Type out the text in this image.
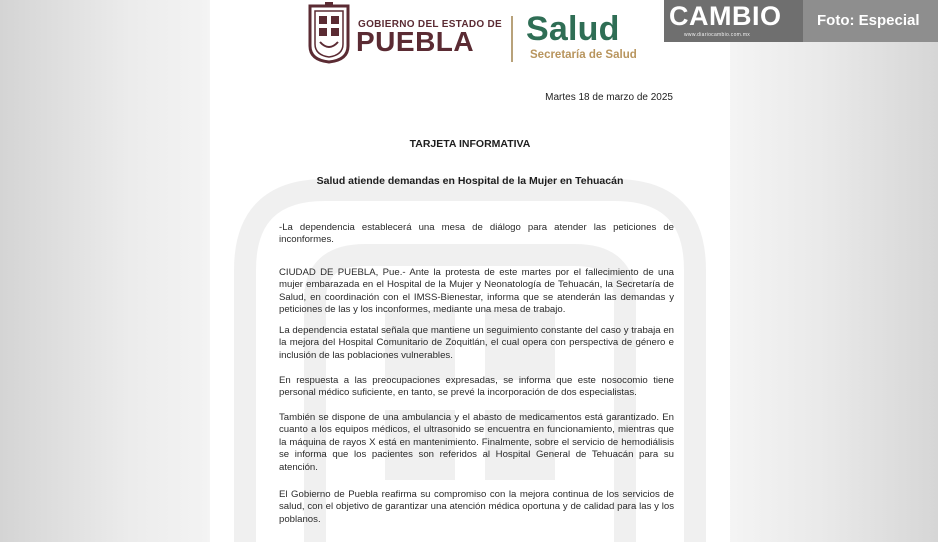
GOBIERNO DEL ESTADO DE
PUEBLA Salud
Secretaría de Salud
CAMBIO
www.diariocambio.com.mx
Foto: Especial
Martes 18 de marzo de 2025
TARJETA INFORMATIVA
Salud atiende demandas en Hospital de la Mujer en Tehuacán
-La dependencia establecerá una mesa de diálogo para atender las peticiones de inconformes.
CIUDAD DE PUEBLA, Pue.- Ante la protesta de este martes por el fallecimiento de una mujer embarazada en el Hospital de la Mujer y Neonatología de Tehuacán, la Secretaría de Salud, en coordinación con el IMSS-Bienestar, informa que se atenderán las demandas y peticiones de las y los inconformes, mediante una mesa de trabajo.
La dependencia estatal señala que mantiene un seguimiento constante del caso y trabaja en la mejora del Hospital Comunitario de Zoquitlán, el cual opera con perspectiva de género e inclusión de las poblaciones vulnerables.
En respuesta a las preocupaciones expresadas, se informa que este nosocomio tiene personal médico suficiente, en tanto, se prevé la incorporación de dos especialistas.
También se dispone de una ambulancia y el abasto de medicamentos está garantizado. En cuanto a los equipos médicos, el ultrasonido se encuentra en funcionamiento, mientras que la máquina de rayos X está en mantenimiento. Finalmente, sobre el servicio de hemodiálisis se informa que los pacientes son referidos al Hospital General de Tehuacán para su atención.
El Gobierno de Puebla reafirma su compromiso con la mejora continua de los servicios de salud, con el objetivo de garantizar una atención médica oportuna y de calidad para las y los poblanos.
